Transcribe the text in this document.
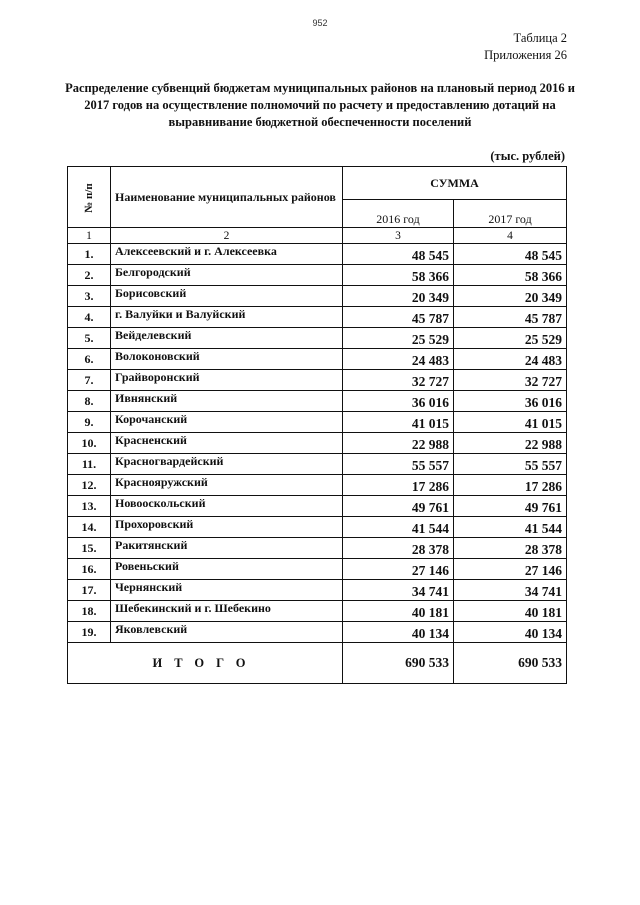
952
Таблица 2
Приложения 26
Распределение субвенций бюджетам муниципальных районов на плановый период 2016 и 2017 годов на осуществление полномочий по расчету и предоставлению дотаций на выравнивание бюджетной обеспеченности поселений
(тыс. рублей)
№ п/п	Наименование муниципальных районов	СУММА	
		2016 год	2017 год
1	2	3	4
1.	Алексеевский и г. Алексеевка	48 545	48 545
2.	Белгородский	58 366	58 366
3.	Борисовский	20 349	20 349
4.	г. Валуйки и Валуйский	45 787	45 787
5.	Вейделевский	25 529	25 529
6.	Волоконовский	24 483	24 483
7.	Грайворонский	32 727	32 727
8.	Ивнянский	36 016	36 016
9.	Корочанский	41 015	41 015
10.	Красненский	22 988	22 988
11.	Красногвардейский	55 557	55 557
12.	Краснояружский	17 286	17 286
13.	Новооскольский	49 761	49 761
14.	Прохоровский	41 544	41 544
15.	Ракитянский	28 378	28 378
16.	Ровеньский	27 146	27 146
17.	Чернянский	34 741	34 741
18.	Шебекинский и г. Шебекино	40 181	40 181
19.	Яковлевский	40 134	40 134
ИТОГО		690 533	690 533
